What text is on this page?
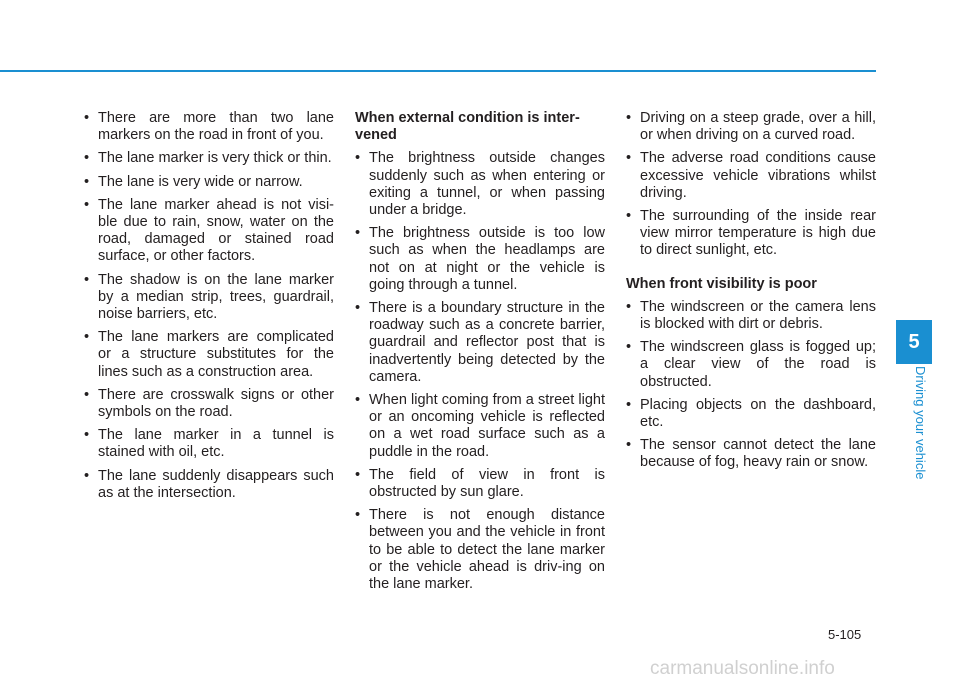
• There are more than two lane markers on the road in front of you.
• The lane marker is very thick or thin.
• The lane is very wide or narrow.
• The lane marker ahead is not visi-ble due to rain, snow, water on the road, damaged or stained road surface, or other factors.
• The shadow is on the lane marker by a median strip, trees, guardrail, noise barriers, etc.
• The lane markers are complicated or a structure substitutes for the lines such as a construction area.
• There are crosswalk signs or other symbols on the road.
• The lane marker in a tunnel is stained with oil, etc.
• The lane suddenly disappears such as at the intersection.
When external condition is inter-vened
• The brightness outside changes suddenly such as when entering or exiting a tunnel, or when passing under a bridge.
• The brightness outside is too low such as when the headlamps are not on at night or the vehicle is going through a tunnel.
• There is a boundary structure in the roadway such as a concrete barrier, guardrail and reflector post that is inadvertently being detected by the camera.
• When light coming from a street light or an oncoming vehicle is reflected on a wet road surface such as a puddle in the road.
• The field of view in front is obstructed by sun glare.
• There is not enough distance between you and the vehicle in front to be able to detect the lane marker or the vehicle ahead is driv-ing on the lane marker.
• Driving on a steep grade, over a hill, or when driving on a curved road.
• The adverse road conditions cause excessive vehicle vibrations whilst driving.
• The surrounding of the inside rear view mirror temperature is high due to direct sunlight, etc.
When front visibility is poor
• The windscreen or the camera lens is blocked with dirt or debris.
• The windscreen glass is fogged up; a clear view of the road is obstructed.
• Placing objects on the dashboard, etc.
• The sensor cannot detect the lane because of fog, heavy rain or snow.
5
Driving your vehicle
5-105
carmanualsonline.info
